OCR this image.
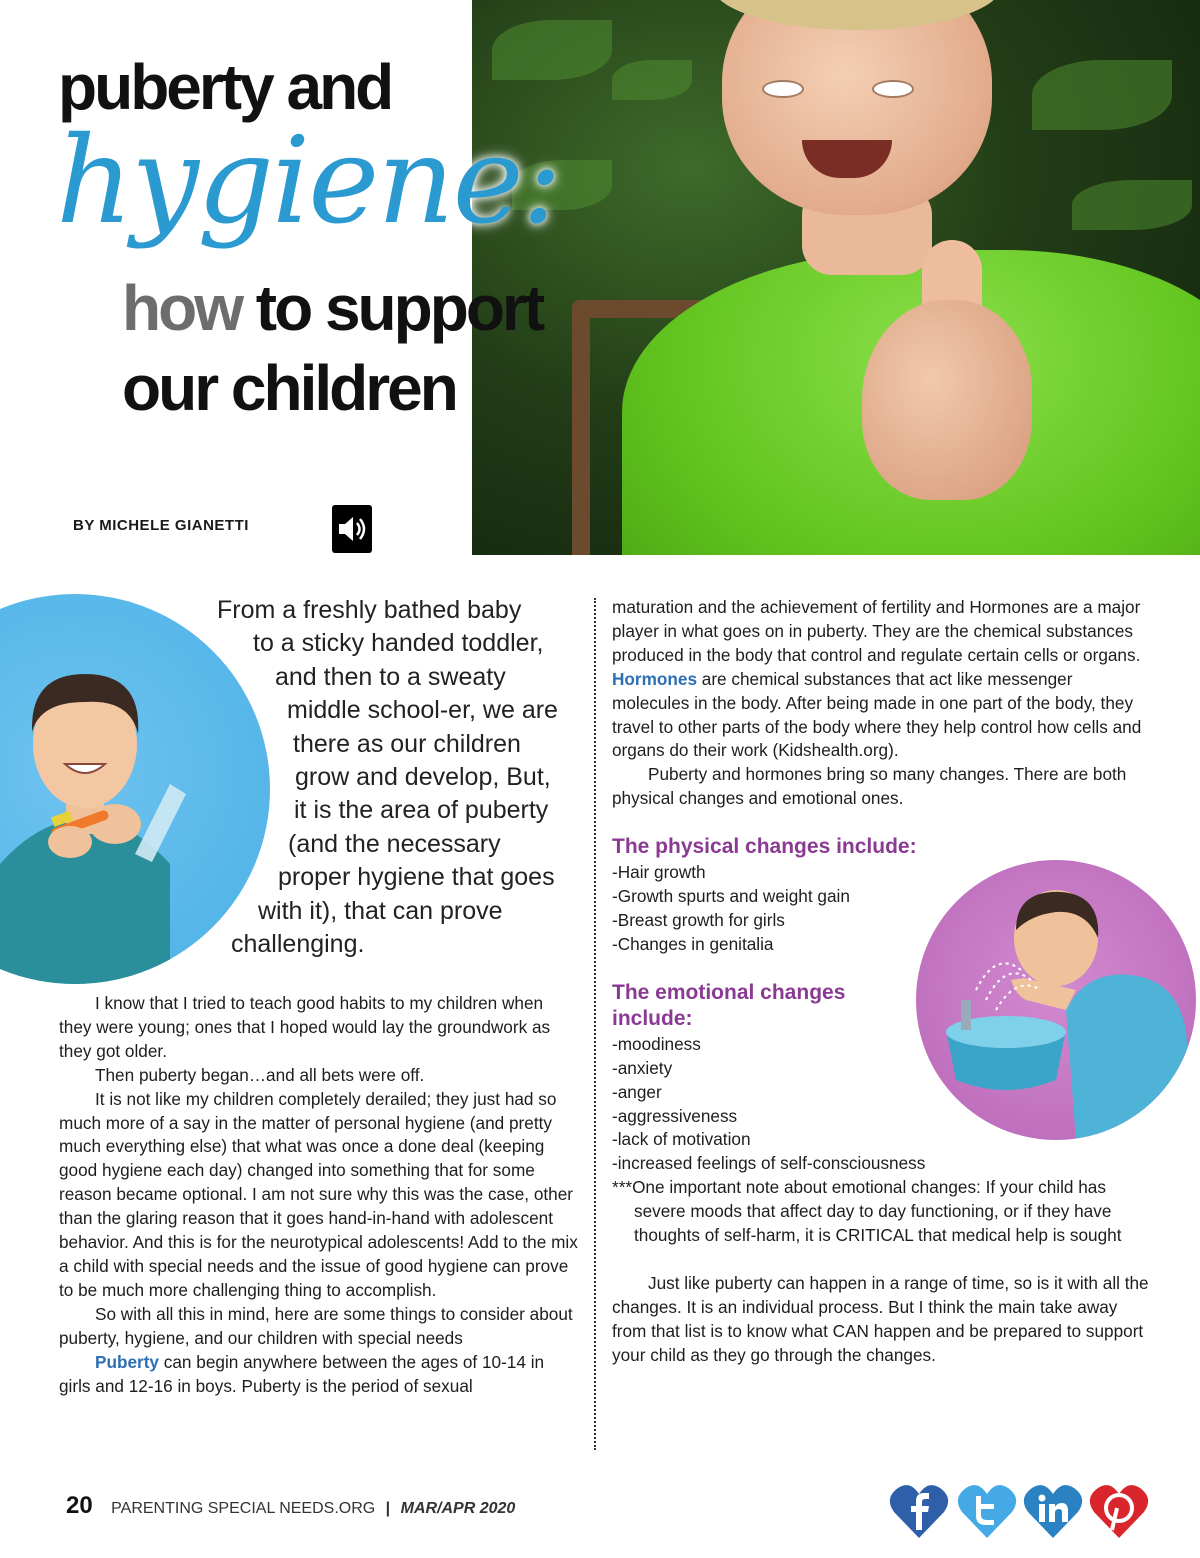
puberty and
hygiene:
how to support
our children
BY MICHELE GIANETTI
From a freshly bathed baby
to a sticky handed toddler,
and then to a sweaty
middle school-er, we are
there as our children
grow and develop, But,
it is the area of puberty
(and the necessary
proper hygiene that goes
with it), that can prove
challenging.

I know that I tried to teach good habits to my children when they were young; ones that I hoped would lay the groundwork as they got older.

Then puberty began…and all bets were off.

It is not like my children completely derailed; they just had so much more of a say in the matter of personal hygiene (and pretty much everything else) that what was once a done deal (keeping good hygiene each day) changed into something that for some reason became optional. I am not sure why this was the case, other than the glaring reason that it goes hand-in-hand with adolescent behavior. And this is for the neurotypical adolescents! Add to the mix a child with special needs and the issue of good hygiene can prove to be much more challenging thing to accomplish.

So with all this in mind, here are some things to consider about puberty, hygiene, and our children with special needs

Puberty can begin anywhere between the ages of 10-14 in girls and 12-16 in boys. Puberty is the period of sexual

maturation and the achievement of fertility and Hormones are a major player in what goes on in puberty. They are the chemical substances produced in the body that control and regulate certain cells or organs. Hormones are chemical substances that act like messenger molecules in the body. After being made in one part of the body, they travel to other parts of the body where they help control how cells and organs do their work (Kidshealth.org).

Puberty and hormones bring so many changes. There are both physical changes and emotional ones.

The physical changes include:
-Hair growth
-Growth spurts and weight gain
-Breast growth for girls
-Changes in genitalia
The emotional changes
include:
-moodiness
-anxiety
-anger
-aggressiveness
-lack of motivation
-increased feelings of self-consciousness

***One important note about emotional changes: If your child has severe moods that affect day to day functioning, or if they have thoughts of self-harm, it is CRITICAL that medical help is sought

Just like puberty can happen in a range of time, so is it with all the changes. It is an individual process. But I think the main take away from that list is to know what CAN happen and be prepared to support your child as they go through the changes.

20 PARENTING SPECIAL NEEDS.ORG | MAR/APR 2020
